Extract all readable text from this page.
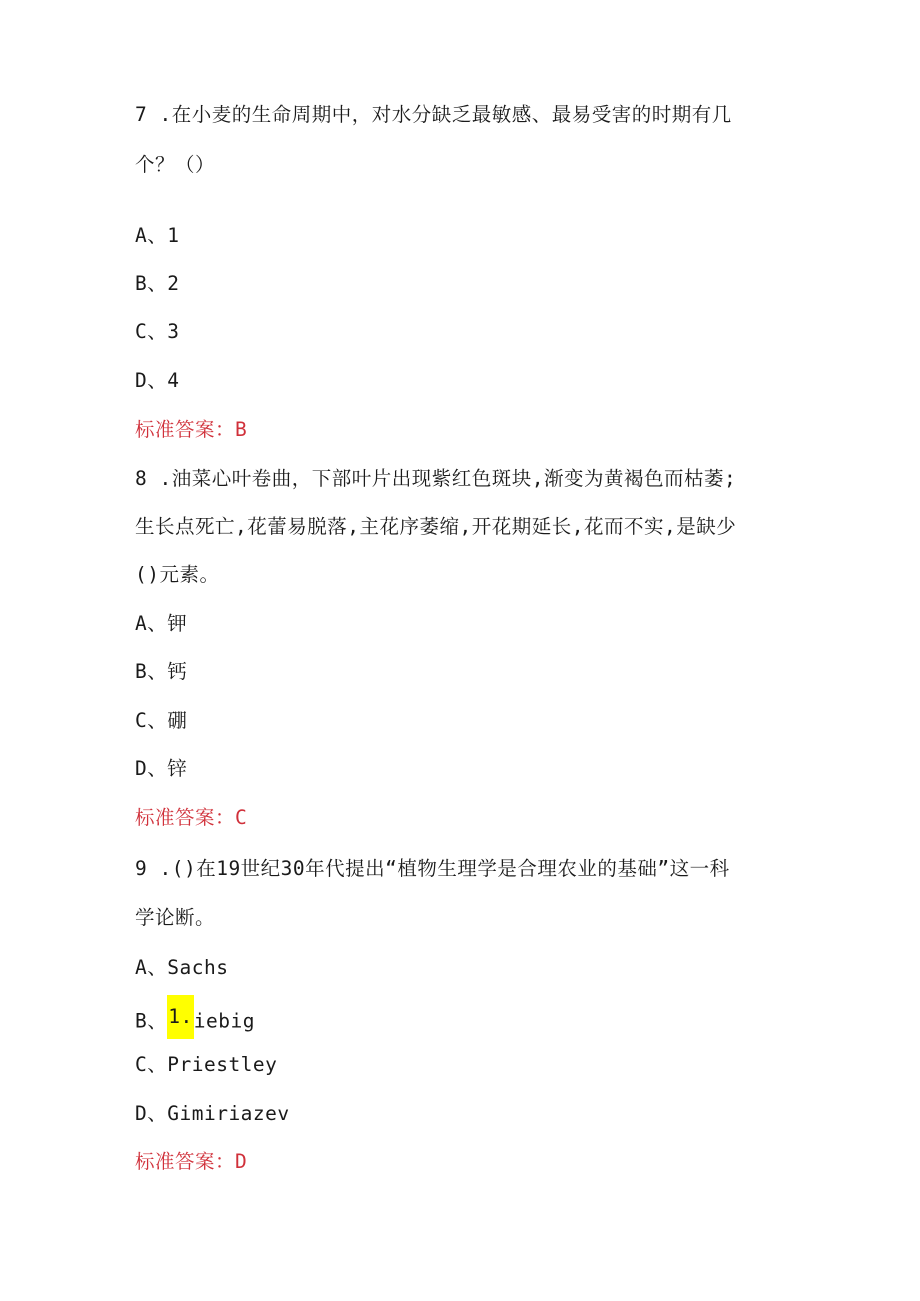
7 .在小麦的生命周期中，对水分缺乏最敏感、最易受害的时期有几
个？（）
A、1
B、2
C、3
D、4
标准答案：B
8 .油菜心叶卷曲，下部叶片出现紫红色斑块,渐变为黄褐色而枯萎;
生长点死亡,花蕾易脱落,主花序萎缩,开花期延长,花而不实,是缺少
()元素。
A、钾
B、钙
C、硼
D、锌
标准答案：C
9 .()在19世纪30年代提出“植物生理学是合理农业的基础”这一科
学论断。
A、Sachs
B、1.iebig
C、Priestley
D、Gimiriazev
标准答案：D
